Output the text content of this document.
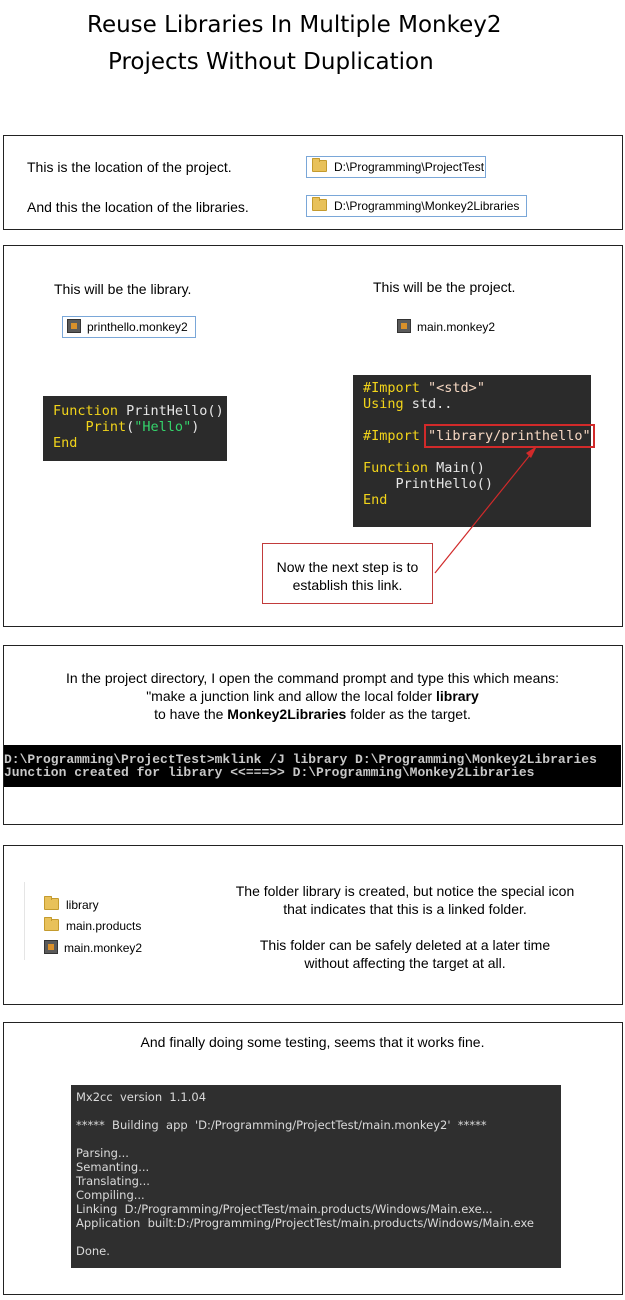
Reuse Libraries In Multiple Monkey2
Projects Without Duplication
This is the location of the project.	D:\Programming\ProjectTest
And this the location of the libraries.	D:\Programming\Monkey2Libraries
This will be the library.	This will be the project.
printhello.monkey2	main.monkey2
Function PrintHello()
Print("Hello")
End
#Import "<std>"
Using std..
#Import "library/printhello"
Function Main()
PrintHello()
End
Now the next step is to establish this link.
In the project directory, I open the command prompt and type this which means:
"make a junction link and allow the local folder library
to have the Monkey2Libraries folder as the target.
D:\Programming\ProjectTest>mklink /J library D:\Programming\Monkey2Libraries
Junction created for library <<===>> D:\Programming\Monkey2Libraries
library
main.products
main.monkey2
The folder library is created, but notice the special icon
that indicates that this is a linked folder.
This folder can be safely deleted at a later time
without affecting the target at all.
And finally doing some testing, seems that it works fine.
Mx2cc  version  1.1.04
*****  Building  app  'D:/Programming/ProjectTest/main.monkey2'  *****
Parsing...
Semanting...
Translating...
Compiling...
Linking  D:/Programming/ProjectTest/main.products/Windows/Main.exe...
Application  built:D:/Programming/ProjectTest/main.products/Windows/Main.exe
Done.
